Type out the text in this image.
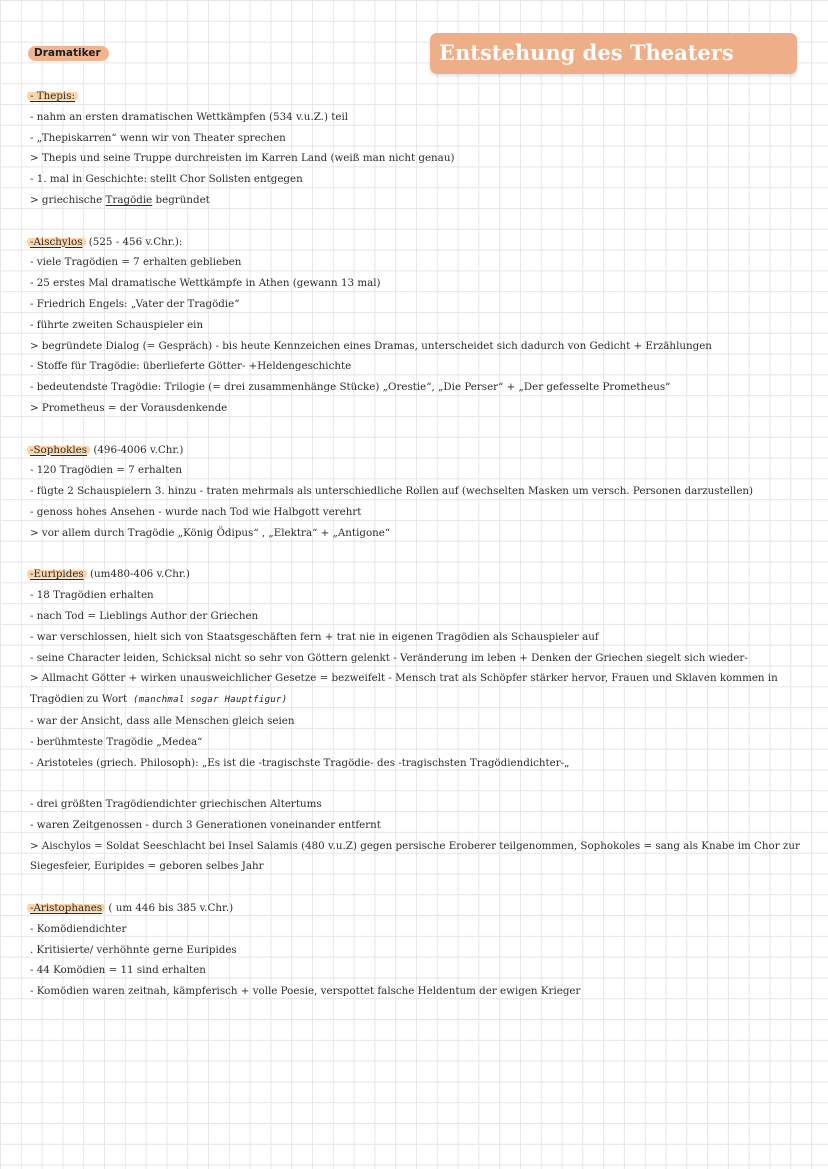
Dramatiker	Entstehung des Theaters
- Thepis:
- nahm an ersten dramatischen Wettkämpfen (534 v.u.Z.) teil
- „Thepiskarren“ wenn wir von Theater sprechen
> Thepis und seine Truppe durchreisten im Karren Land (weiß man nicht genau)
- 1. mal in Geschichte: stellt Chor Solisten entgegen
> griechische Tragödie begründet
-Aischylos (525 - 456 v.Chr.):
- viele Tragödien = 7 erhalten geblieben
- 25 erstes Mal dramatische Wettkämpfe in Athen (gewann 13 mal)
- Friedrich Engels: „Vater der Tragödie“
- führte zweiten Schauspieler ein
> begründete Dialog (= Gespräch) - bis heute Kennzeichen eines Dramas, unterscheidet sich dadurch von Gedicht + Erzählungen
- Stoffe für Tragödie: überlieferte Götter- +Heldengeschichte
- bedeutendste Tragödie: Trilogie (= drei zusammenhänge Stücke) „Orestie“, „Die Perser“ + „Der gefesselte Prometheus“
> Prometheus = der Vorausdenkende
-Sophokles (496-4006 v.Chr.)
- 120 Tragödien = 7 erhalten
- fügte 2 Schauspielern 3. hinzu - traten mehrmals als unterschiedliche Rollen auf (wechselten Masken um versch. Personen darzustellen)
- genoss hohes Ansehen - wurde nach Tod wie Halbgott verehrt
> vor allem durch Tragödie „König Ödipus“ , „Elektra“ + „Antigone“
-Euripides (um480-406 v.Chr.)
- 18 Tragödien erhalten
- nach Tod = Lieblings Author der Griechen
- war verschlossen, hielt sich von Staatsgeschäften fern + trat nie in eigenen Tragödien als Schauspieler auf
- seine Character leiden, Schicksal nicht so sehr von Göttern gelenkt - Veränderung im leben + Denken der Griechen siegelt sich wieder-
> Allmacht Götter + wirken unausweichlicher Gesetze = bezweifelt - Mensch trat als Schöpfer stärker hervor, Frauen und Sklaven kommen in Tragödien zu Wort (manchmal sogar Hauptfigur)
- war der Ansicht, dass alle Menschen gleich seien
- berühmteste Tragödie „Medea“
- Aristoteles (griech. Philosoph): „Es ist die -tragischste Tragödie- des -tragischsten Tragödiendichter-„
- drei größten Tragödiendichter griechischen Altertums
- waren Zeitgenossen - durch 3 Generationen voneinander entfernt
> Aischylos = Soldat Seeschlacht bei Insel Salamis (480 v.u.Z) gegen persische Eroberer teilgenommen, Sophokoles = sang als Knabe im Chor zur Siegesfeier, Euripides = geboren selbes Jahr
-Aristophanes ( um 446 bis 385 v.Chr.)
- Komödiendichter
. Kritisierte/ verhöhnte gerne Euripides
- 44 Komödien = 11 sind erhalten
- Komödien waren zeitnah, kämpferisch + volle Poesie, verspottet falsche Heldentum der ewigen Krieger
